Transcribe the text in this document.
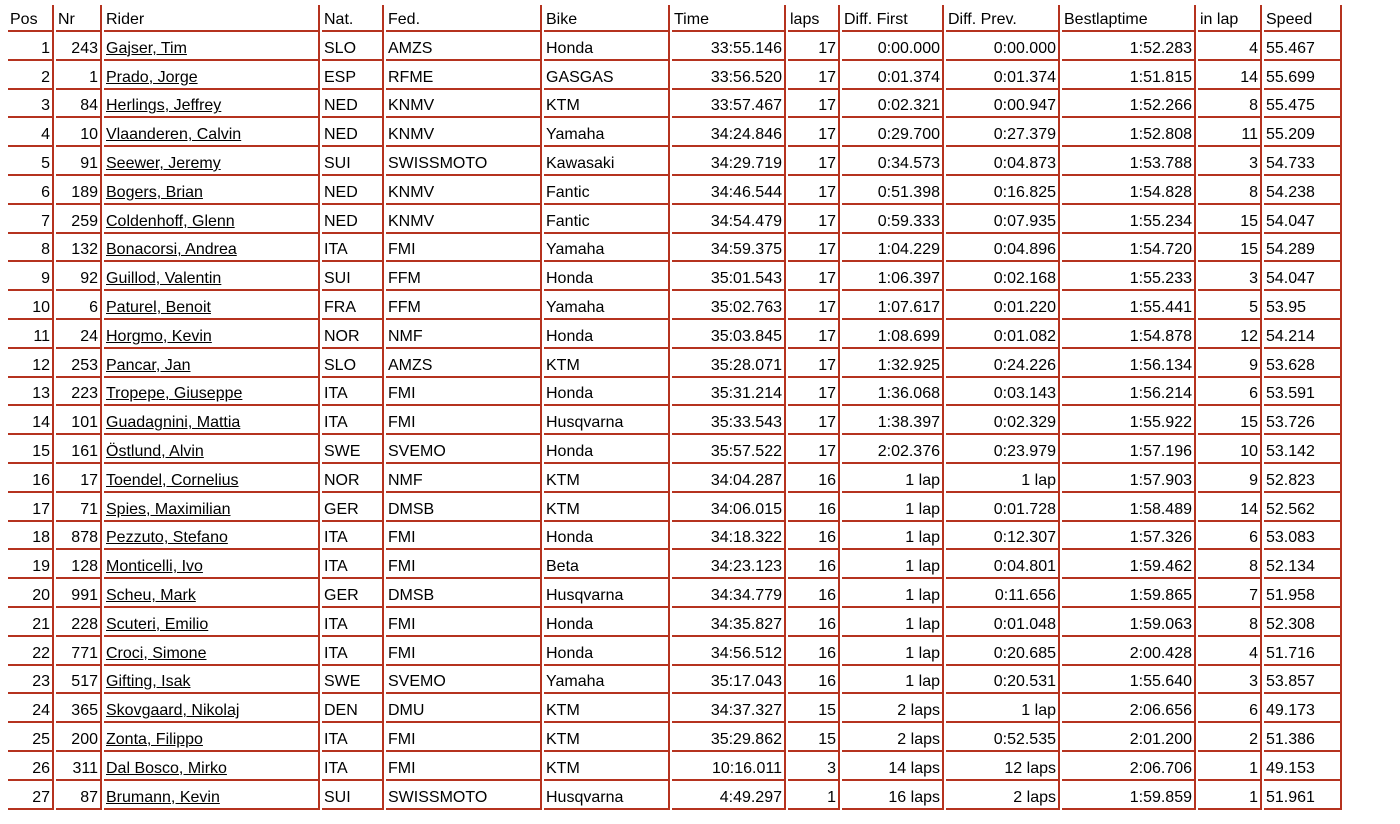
Pos	Nr	Rider	Nat.	Fed.	Bike	Time	laps	Diff. First	Diff. Prev.	Bestlaptime	in lap	Speed
1	243	Gajser, Tim	SLO	AMZS	Honda	33:55.146	17	0:00.000	0:00.000	1:52.283	4	55.467
2	1	Prado, Jorge	ESP	RFME	GASGAS	33:56.520	17	0:01.374	0:01.374	1:51.815	14	55.699
3	84	Herlings, Jeffrey	NED	KNMV	KTM	33:57.467	17	0:02.321	0:00.947	1:52.266	8	55.475
4	10	Vlaanderen, Calvin	NED	KNMV	Yamaha	34:24.846	17	0:29.700	0:27.379	1:52.808	11	55.209
5	91	Seewer, Jeremy	SUI	SWISSMOTO	Kawasaki	34:29.719	17	0:34.573	0:04.873	1:53.788	3	54.733
6	189	Bogers, Brian	NED	KNMV	Fantic	34:46.544	17	0:51.398	0:16.825	1:54.828	8	54.238
7	259	Coldenhoff, Glenn	NED	KNMV	Fantic	34:54.479	17	0:59.333	0:07.935	1:55.234	15	54.047
8	132	Bonacorsi, Andrea	ITA	FMI	Yamaha	34:59.375	17	1:04.229	0:04.896	1:54.720	15	54.289
9	92	Guillod, Valentin	SUI	FFM	Honda	35:01.543	17	1:06.397	0:02.168	1:55.233	3	54.047
10	6	Paturel, Benoit	FRA	FFM	Yamaha	35:02.763	17	1:07.617	0:01.220	1:55.441	5	53.95
11	24	Horgmo, Kevin	NOR	NMF	Honda	35:03.845	17	1:08.699	0:01.082	1:54.878	12	54.214
12	253	Pancar, Jan	SLO	AMZS	KTM	35:28.071	17	1:32.925	0:24.226	1:56.134	9	53.628
13	223	Tropepe, Giuseppe	ITA	FMI	Honda	35:31.214	17	1:36.068	0:03.143	1:56.214	6	53.591
14	101	Guadagnini, Mattia	ITA	FMI	Husqvarna	35:33.543	17	1:38.397	0:02.329	1:55.922	15	53.726
15	161	Östlund, Alvin	SWE	SVEMO	Honda	35:57.522	17	2:02.376	0:23.979	1:57.196	10	53.142
16	17	Toendel, Cornelius	NOR	NMF	KTM	34:04.287	16	1 lap	1 lap	1:57.903	9	52.823
17	71	Spies, Maximilian	GER	DMSB	KTM	34:06.015	16	1 lap	0:01.728	1:58.489	14	52.562
18	878	Pezzuto, Stefano	ITA	FMI	Honda	34:18.322	16	1 lap	0:12.307	1:57.326	6	53.083
19	128	Monticelli, Ivo	ITA	FMI	Beta	34:23.123	16	1 lap	0:04.801	1:59.462	8	52.134
20	991	Scheu, Mark	GER	DMSB	Husqvarna	34:34.779	16	1 lap	0:11.656	1:59.865	7	51.958
21	228	Scuteri, Emilio	ITA	FMI	Honda	34:35.827	16	1 lap	0:01.048	1:59.063	8	52.308
22	771	Croci, Simone	ITA	FMI	Honda	34:56.512	16	1 lap	0:20.685	2:00.428	4	51.716
23	517	Gifting, Isak	SWE	SVEMO	Yamaha	35:17.043	16	1 lap	0:20.531	1:55.640	3	53.857
24	365	Skovgaard, Nikolaj	DEN	DMU	KTM	34:37.327	15	2 laps	1 lap	2:06.656	6	49.173
25	200	Zonta, Filippo	ITA	FMI	KTM	35:29.862	15	2 laps	0:52.535	2:01.200	2	51.386
26	311	Dal Bosco, Mirko	ITA	FMI	KTM	10:16.011	3	14 laps	12 laps	2:06.706	1	49.153
27	87	Brumann, Kevin	SUI	SWISSMOTO	Husqvarna	4:49.297	1	16 laps	2 laps	1:59.859	1	51.961
